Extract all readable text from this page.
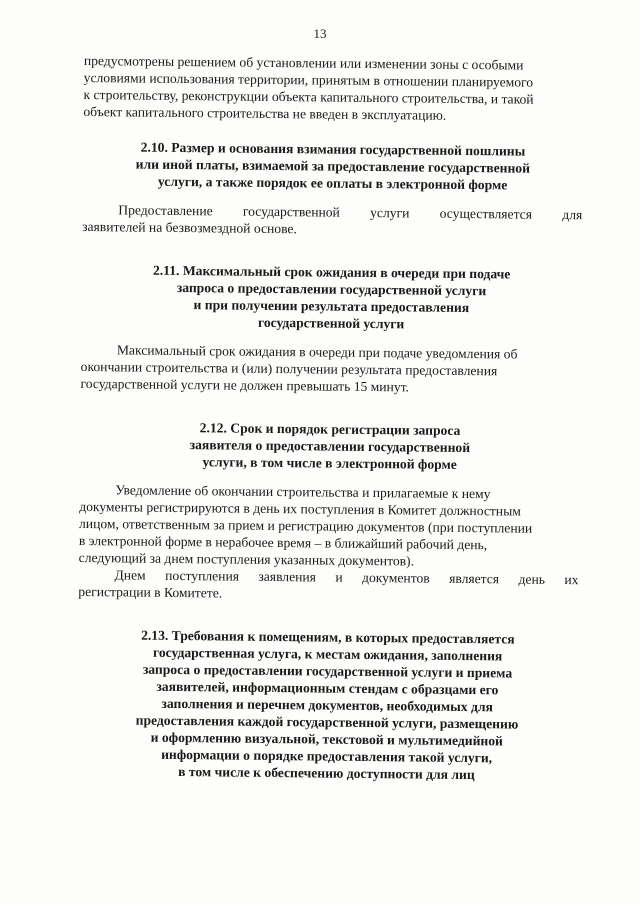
13
предусмотрены решением об установлении или изменении зоны с особыми
условиями использования территории, принятым в отношении планируемого
к строительству, реконструкции объекта капитального строительства, и такой
объект капитального строительства не введен в эксплуатацию.
2.10. Размер и основания взимания государственной пошлины
или иной платы, взимаемой за предоставление государственной
услуги, а также порядок ее оплаты в электронной форме
Предоставление государственной услуги осуществляется для
заявителей на безвозмездной основе.
2.11. Максимальный срок ожидания в очереди при подаче
запроса о предоставлении государственной услуги
и при получении результата предоставления
государственной услуги
Максимальный срок ожидания в очереди при подаче уведомления об
окончании строительства и (или) получении результата предоставления
государственной услуги не должен превышать 15 минут.
2.12. Срок и порядок регистрации запроса
заявителя о предоставлении государственной
услуги, в том числе в электронной форме
Уведомление об окончании строительства и прилагаемые к нему
документы регистрируются в день их поступления в Комитет должностным
лицом, ответственным за прием и регистрацию документов (при поступлении
в электронной форме в нерабочее время – в ближайший рабочий день,
следующий за днем поступления указанных документов).
Днем поступления заявления и документов является день их
регистрации в Комитете.
2.13. Требования к помещениям, в которых предоставляется
государственная услуга, к местам ожидания, заполнения
запроса о предоставлении государственной услуги и приема
заявителей, информационным стендам с образцами его
заполнения и перечнем документов, необходимых для
предоставления каждой государственной услуги, размещению
и оформлению визуальной, текстовой и мультимедийной
информации о порядке предоставления такой услуги,
в том числе к обеспечению доступности для лиц
